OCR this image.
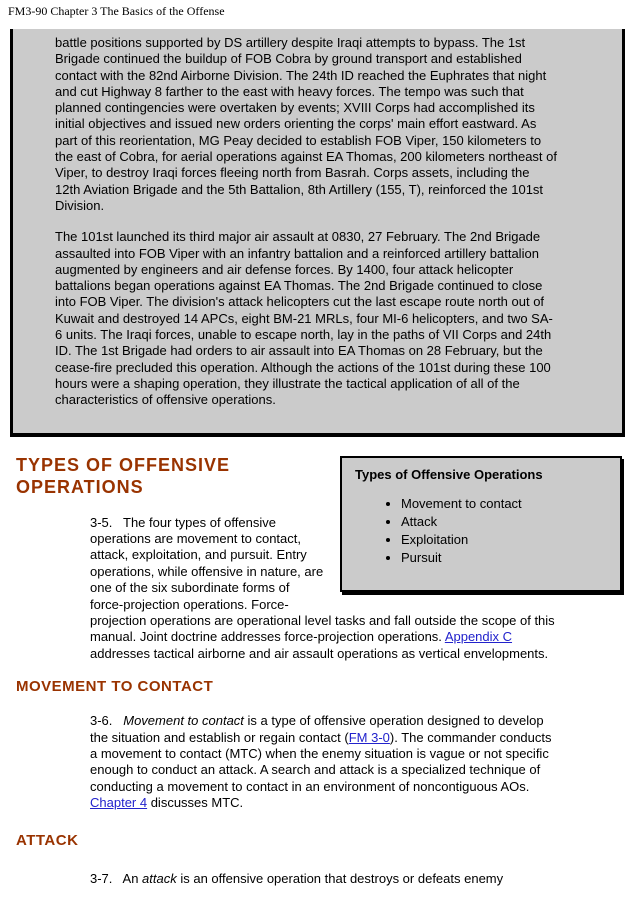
FM3-90 Chapter 3 The Basics of the Offense

battle positions supported by DS artillery despite Iraqi attempts to bypass. The 1st Brigade continued the buildup of FOB Cobra by ground transport and established contact with the 82nd Airborne Division. The 24th ID reached the Euphrates that night and cut Highway 8 farther to the east with heavy forces. The tempo was such that planned contingencies were overtaken by events; XVIII Corps had accomplished its initial objectives and issued new orders orienting the corps' main effort eastward. As part of this reorientation, MG Peay decided to establish FOB Viper, 150 kilometers to the east of Cobra, for aerial operations against EA Thomas, 200 kilometers northeast of Viper, to destroy Iraqi forces fleeing north from Basrah. Corps assets, including the 12th Aviation Brigade and the 5th Battalion, 8th Artillery (155, T), reinforced the 101st Division.

The 101st launched its third major air assault at 0830, 27 February. The 2nd Brigade assaulted into FOB Viper with an infantry battalion and a reinforced artillery battalion augmented by engineers and air defense forces. By 1400, four attack helicopter battalions began operations against EA Thomas. The 2nd Brigade continued to close into FOB Viper. The division's attack helicopters cut the last escape route north out of Kuwait and destroyed 14 APCs, eight BM-21 MRLs, four MI-6 helicopters, and two SA-6 units. The Iraqi forces, unable to escape north, lay in the paths of VII Corps and 24th ID. The 1st Brigade had orders to air assault into EA Thomas on 28 February, but the cease-fire precluded this operation. Although the actions of the 101st during these 100 hours were a shaping operation, they illustrate the tactical application of all of the characteristics of offensive operations.

Types of Offensive Operations
• Movement to contact
• Attack
• Exploitation
• Pursuit
TYPES OF OFFENSIVE OPERATIONS

3-5.   The four types of offensive operations are movement to contact, attack, exploitation, and pursuit. Entry operations, while offensive in nature, are one of the six subordinate forms of force-projection operations. Force-projection operations are operational level tasks and fall outside the scope of this manual. Joint doctrine addresses force-projection operations. Appendix C addresses tactical airborne and air assault operations as vertical envelopments.

MOVEMENT TO CONTACT

3-6.   Movement to contact is a type of offensive operation designed to develop the situation and establish or regain contact (FM 3-0). The commander conducts a movement to contact (MTC) when the enemy situation is vague or not specific enough to conduct an attack. A search and attack is a specialized technique of conducting a movement to contact in an environment of noncontiguous AOs. Chapter 4 discusses MTC.

ATTACK

3-7.   An attack is an offensive operation that destroys or defeats enemy
